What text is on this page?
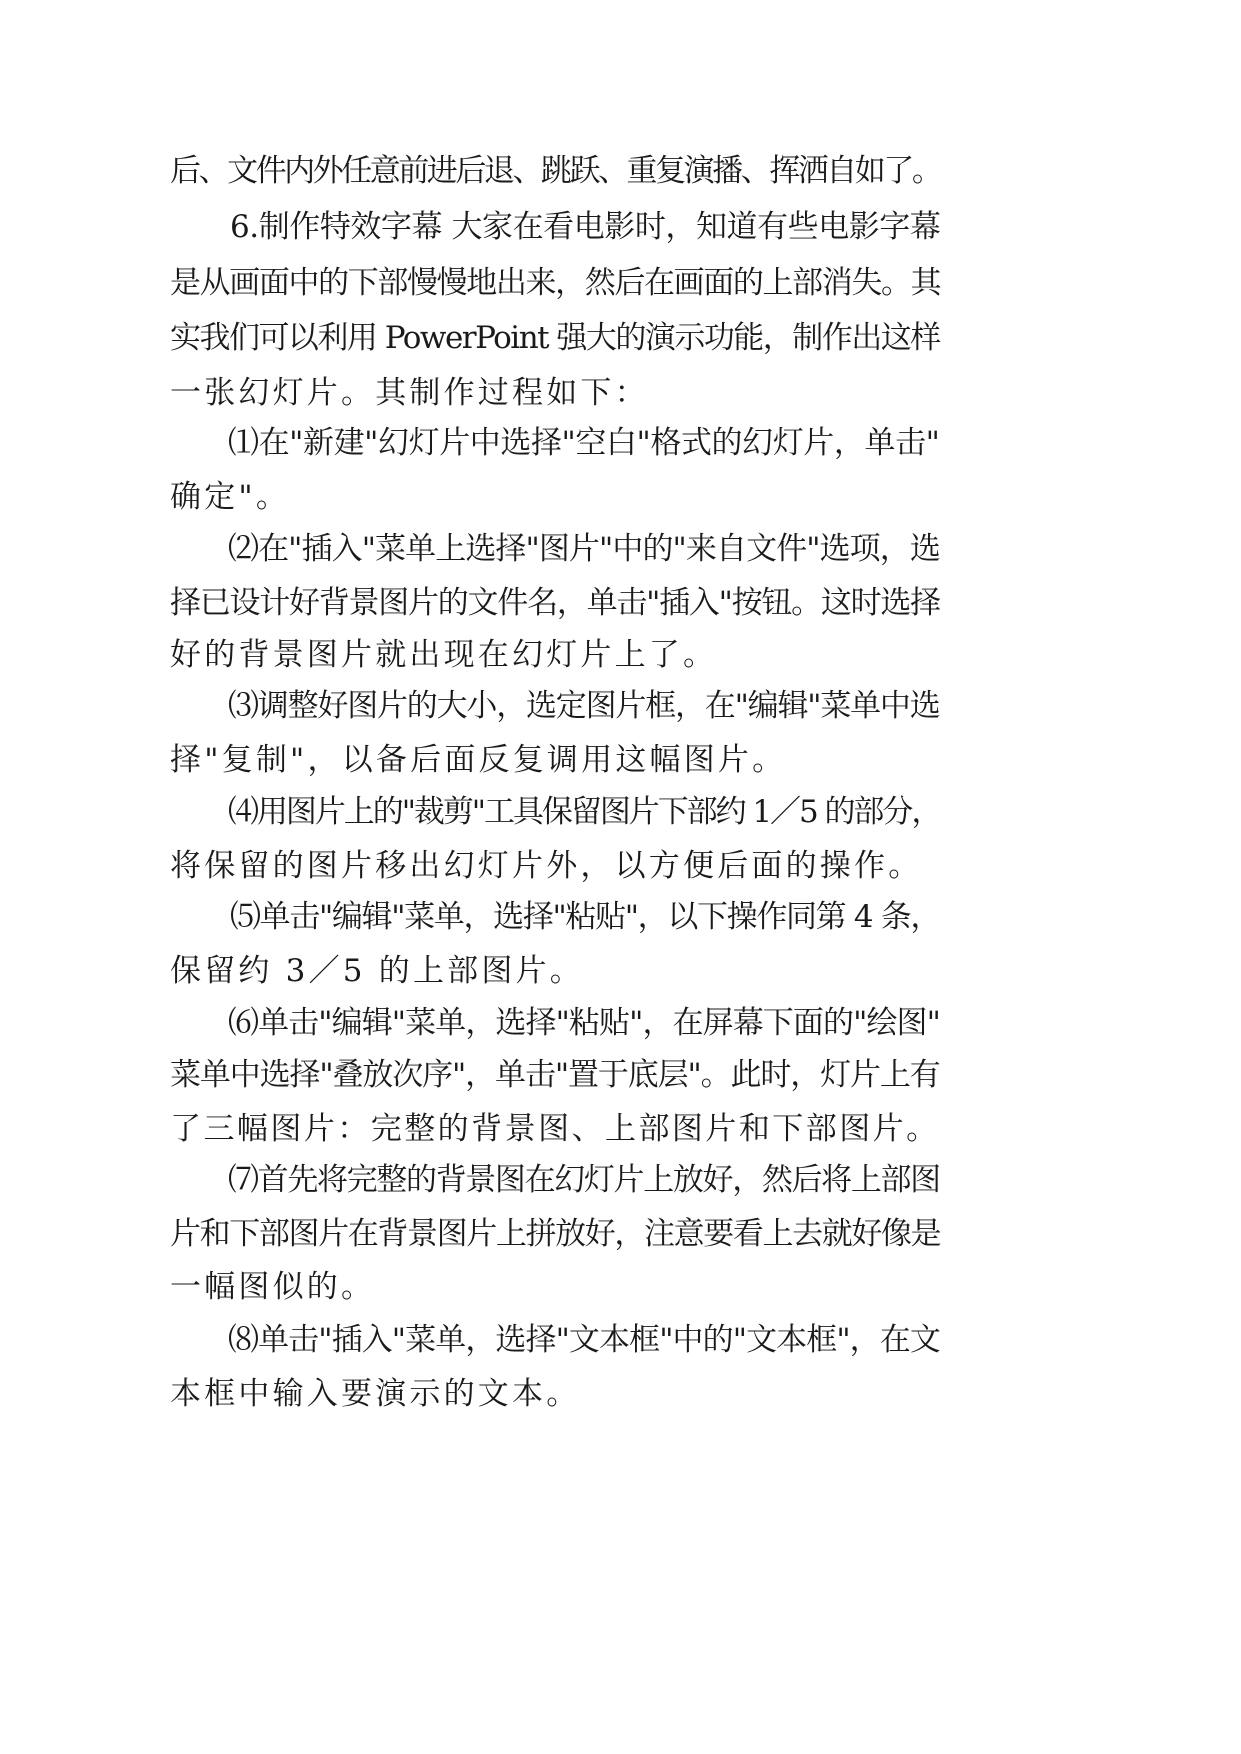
后、文件内外任意前进后退、跳跃、重复演播、挥洒自如了。
6.制作特效字幕 大家在看电影时，知道有些电影字幕
是从画面中的下部慢慢地出来，然后在画面的上部消失。其
实我们可以利用 PowerPoint 强大的演示功能，制作出这样
一张幻灯片。其制作过程如下：
⑴在"新建"幻灯片中选择"空白"格式的幻灯片，单击"
确定"。
⑵在"插入"菜单上选择"图片"中的"来自文件"选项，选
择已设计好背景图片的文件名，单击"插入"按钮。这时选择
好的背景图片就出现在幻灯片上了。
⑶调整好图片的大小，选定图片框，在"编辑"菜单中选
择"复制"，以备后面反复调用这幅图片。
⑷用图片上的"裁剪"工具保留图片下部约 1／5 的部分，
将保留的图片移出幻灯片外，以方便后面的操作。
⑸单击"编辑"菜单，选择"粘贴"，以下操作同第 4 条，
保留约 3／5 的上部图片。
⑹单击"编辑"菜单，选择"粘贴"，在屏幕下面的"绘图"
菜单中选择"叠放次序"，单击"置于底层"。此时，灯片上有
了三幅图片：完整的背景图、上部图片和下部图片。
⑺首先将完整的背景图在幻灯片上放好，然后将上部图
片和下部图片在背景图片上拼放好，注意要看上去就好像是
一幅图似的。
⑻单击"插入"菜单，选择"文本框"中的"文本框"，在文
本框中输入要演示的文本。
